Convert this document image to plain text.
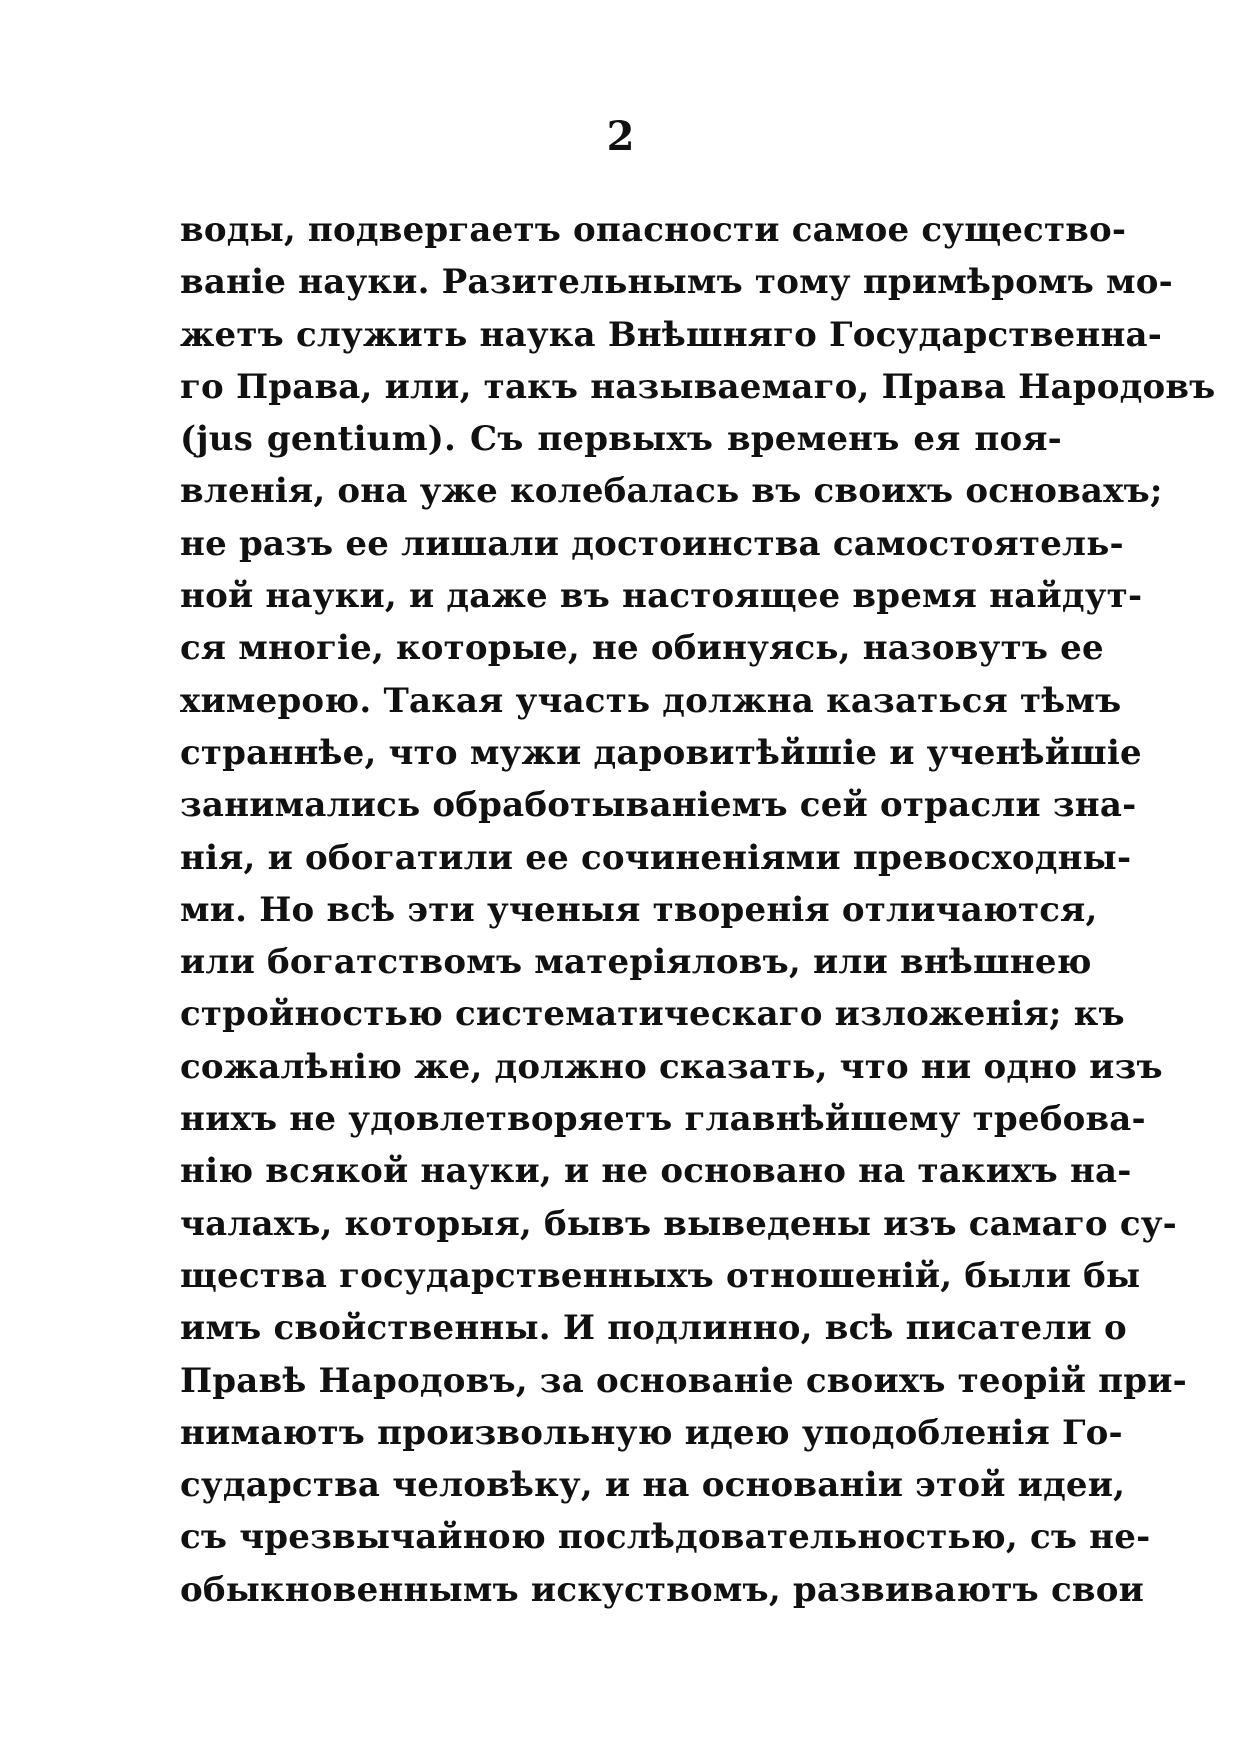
2
воды, подвергаетъ опасности самое существо-
ваніе науки. Разительнымъ тому примѣромъ мо-
жетъ служить наука Внѣшняго Государственна-
го Права, или, такъ называемаго, Права Народовъ
(jus gentium). Съ первыхъ временъ ея поя-
вленія, она уже колебалась въ своихъ основахъ;
не разъ ее лишали достоинства самостоятель-
ной науки, и даже въ настоящее время найдут-
ся многіе, которые, не обинуясь, назовутъ ее
химерою. Такая участь должна казаться тѣмъ
страннѣе, что мужи даровитѣйшіе и ученѣйшіе
занимались обработываніемъ сей отрасли зна-
нія, и обогатили ее сочиненіями превосходны-
ми. Но всѣ эти ученыя творенія отличаются,
или богатствомъ матеріяловъ, или внѣшнею
стройностью систематическаго изложенія; къ
сожалѣнію же, должно сказать, что ни одно изъ
нихъ не удовлетворяетъ главнѣйшему требова-
нію всякой науки, и не основано на такихъ на-
чалахъ, которыя, бывъ выведены изъ самаго су-
щества государственныхъ отношеній, были бы
имъ свойственны. И подлинно, всѣ писатели о
Правѣ Народовъ, за основаніе своихъ теорій при-
нимаютъ произвольную идею уподобленія Го-
сударства человѣку, и на основаніи этой идеи,
съ чрезвычайною послѣдовательностью, съ не-
обыкновеннымъ искуствомъ, развиваютъ свои
